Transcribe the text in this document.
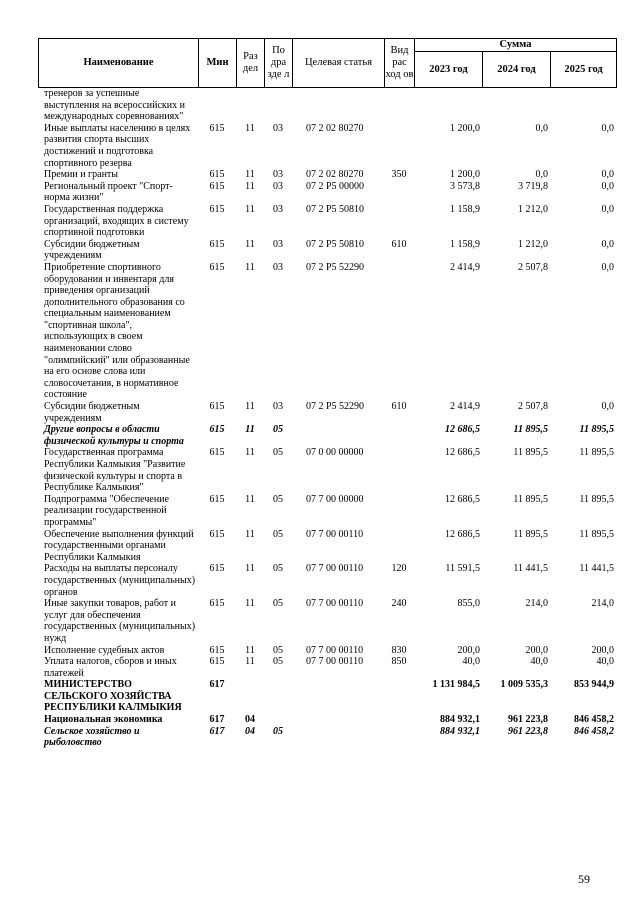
Наименование	Мин	Раз дел	По дра зде л	Целевая статья	Вид рас ход ов	Сумма		
						2023 год	2024 год	2025 год
тренеров за успешные выступления на всероссийских и международных соревнованиях"								
Иные выплаты населению в целях развития спорта высших достижений и подготовка спортивного резерва	615	11	03	07 2 02 80270		1 200,0	0,0	0,0
Премии и гранты	615	11	03	07 2 02 80270	350	1 200,0	0,0	0,0
Региональный проект "Спорт-норма жизни"	615	11	03	07 2 P5 00000		3 573,8	3 719,8	0,0
Государственная поддержка организаций, входящих в систему спортивной подготовки	615	11	03	07 2 P5 50810		1 158,9	1 212,0	0,0
Субсидии бюджетным учреждениям	615	11	03	07 2 P5 50810	610	1 158,9	1 212,0	0,0
Приобретение спортивного оборудования и инвентаря для приведения организаций дополнительного образования со специальным наименованием "спортивная школа", использующих в своем наименовании слово "олимпийский" или образованные на его основе слова или словосочетания, в нормативное состояние	615	11	03	07 2 P5 52290		2 414,9	2 507,8	0,0
Субсидии бюджетным учреждениям	615	11	03	07 2 P5 52290	610	2 414,9	2 507,8	0,0
Другие вопросы в области физической культуры и спорта	615	11	05			12 686,5	11 895,5	11 895,5
Государственная программа Республики Калмыкия "Развитие физической культуры и спорта в Республике Калмыкия"	615	11	05	07 0 00 00000		12 686,5	11 895,5	11 895,5
Подпрограмма "Обеспечение реализации государственной программы"	615	11	05	07 7 00 00000		12 686,5	11 895,5	11 895,5
Обеспечение выполнения функций государственными органами Республики Калмыкия	615	11	05	07 7 00 00110		12 686,5	11 895,5	11 895,5
Расходы на выплаты персоналу государственных (муниципальных) органов	615	11	05	07 7 00 00110	120	11 591,5	11 441,5	11 441,5
Иные закупки товаров, работ и услуг для обеспечения государственных (муниципальных) нужд	615	11	05	07 7 00 00110	240	855,0	214,0	214,0
Исполнение судебных актов	615	11	05	07 7 00 00110	830	200,0	200,0	200,0
Уплата налогов, сборов и иных платежей	615	11	05	07 7 00 00110	850	40,0	40,0	40,0
МИНИСТЕРСТВО СЕЛЬСКОГО ХОЗЯЙСТВА РЕСПУБЛИКИ КАЛМЫКИЯ	617					1 131 984,5	1 009 535,3	853 944,9
Национальная экономика	617	04				884 932,1	961 223,8	846 458,2
Сельское хозяйство и рыболовство	617	04	05			884 932,1	961 223,8	846 458,2
59
